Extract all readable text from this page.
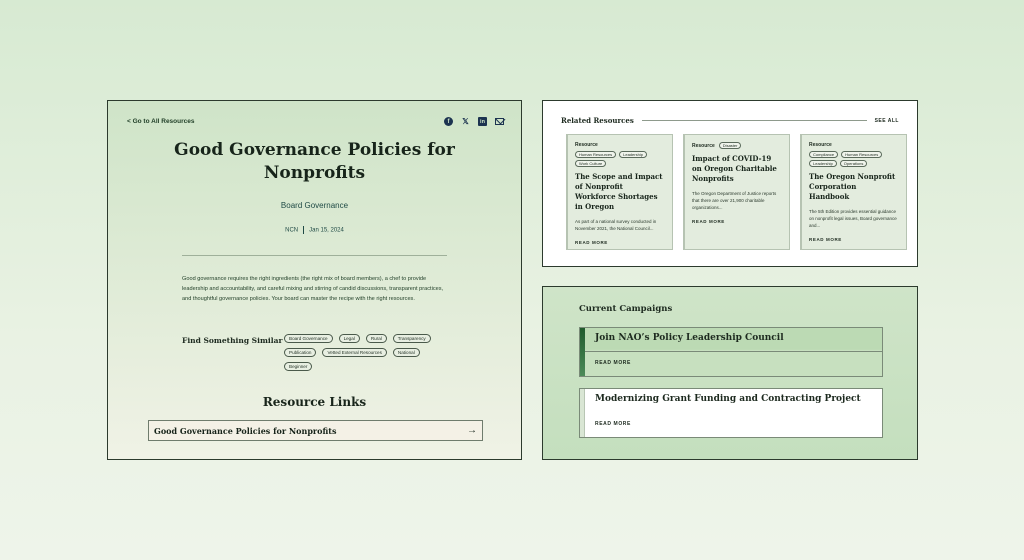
< Go to All Resources	f	𝕏	in
Good Governance Policies for
Nonprofits
Board Governance
NCN Jan 15, 2024

Good governance requires the right ingredients (the right mix of board members), a chef to provide leadership and accountability, and careful mixing and stirring of candid discussions, transparent practices, and thoughtful governance policies. Your board can master the recipe with the right resources.

Find Something Similar	Board Governance	Legal	Rural	Transparency
Publication	Vetted External Resources	National
Beginner
Resource Links
Good Governance Policies for Nonprofits	→
Related Resources	SEE ALL
Resource
Human Resources	Leadership
Work Culture
The Scope and Impact of Nonprofit Workforce Shortages in Oregon
As part of a national survey conducted in November 2021, the National Council...
READ MORE
Resource	Disaster
Impact of COVID-19 on Oregon Charitable Nonprofits
The Oregon Department of Justice reports that there are over 21,900 charitable organizations...
READ MORE
Resource
Compliance	Human Resources
Leadership	Operations
The Oregon Nonprofit Corporation Handbook
The 5th Edition provides essential guidance on nonprofit legal issues, Board governance and...
READ MORE
Current Campaigns
Join NAO’s Policy Leadership Council
READ MORE
Modernizing Grant Funding and Contracting Project
READ MORE
